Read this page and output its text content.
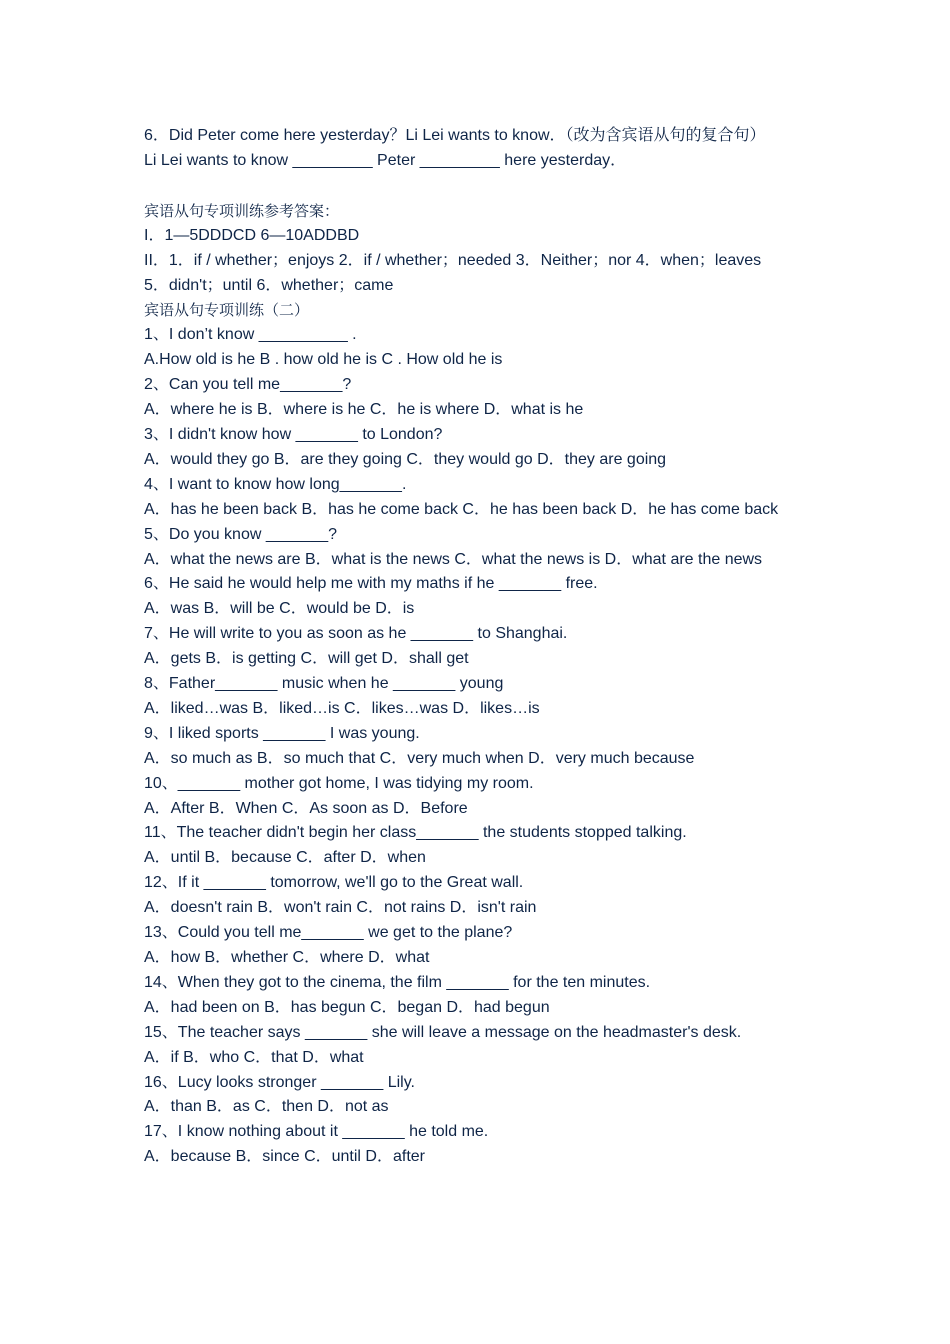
6．Did Peter come here yesterday？Li Lei wants to know．（改为含宾语从句的复合句）
Li Lei wants to know _________ Peter _________ here yesterday．
宾语从句专项训练参考答案：
I．1—5DDDCD 6—10ADDBD
II．1．if / whether；enjoys 2．if / whether；needed 3．Neither；nor 4．when；leaves
5．didn't；until 6．whether；came
宾语从句专项训练（二）
1、I don’t know __________ .
A.How old is he B . how old he is C . How old he is
2、Can you tell me_______?
A．where he is B．where is he C．he is where D．what is he
3、I didn't know how _______ to London?
A．would they go B．are they going C．they would go D．they are going
4、I want to know how long_______.
A．has he been back B．has he come back C．he has been back D．he has come back
5、Do you know _______?
A．what the news are B．what is the news C．what the news is D．what are the news
6、He said he would help me with my maths if he _______ free.
A．was B．will be C．would be D．is
7、He will write to you as soon as he _______ to Shanghai.
A．gets B．is getting C．will get D．shall get
8、Father_______ music when he _______ young
A．liked…was B．liked…is C．likes…was D．likes…is
9、I liked sports _______ I was young.
A．so much as B．so much that C．very much when D．very much because
10、_______ mother got home, I was tidying my room.
A．After B．When C．As soon as D．Before
11、The teacher didn't begin her class_______ the students stopped talking.
A．until B．because C．after D．when
12、If it _______ tomorrow, we'll go to the Great wall.
A．doesn't rain B．won't rain C．not rains D．isn't rain
13、Could you tell me_______ we get to the plane?
A．how B．whether C．where D．what
14、When they got to the cinema, the film _______ for the ten minutes.
A．had been on B．has begun C．began D．had begun
15、The teacher says _______ she will leave a message on the headmaster's desk.
A．if B．who C．that D．what
16、Lucy looks stronger _______ Lily.
A．than B．as C．then D．not as
17、I know nothing about it _______ he told me.
A．because B．since C．until D．after
